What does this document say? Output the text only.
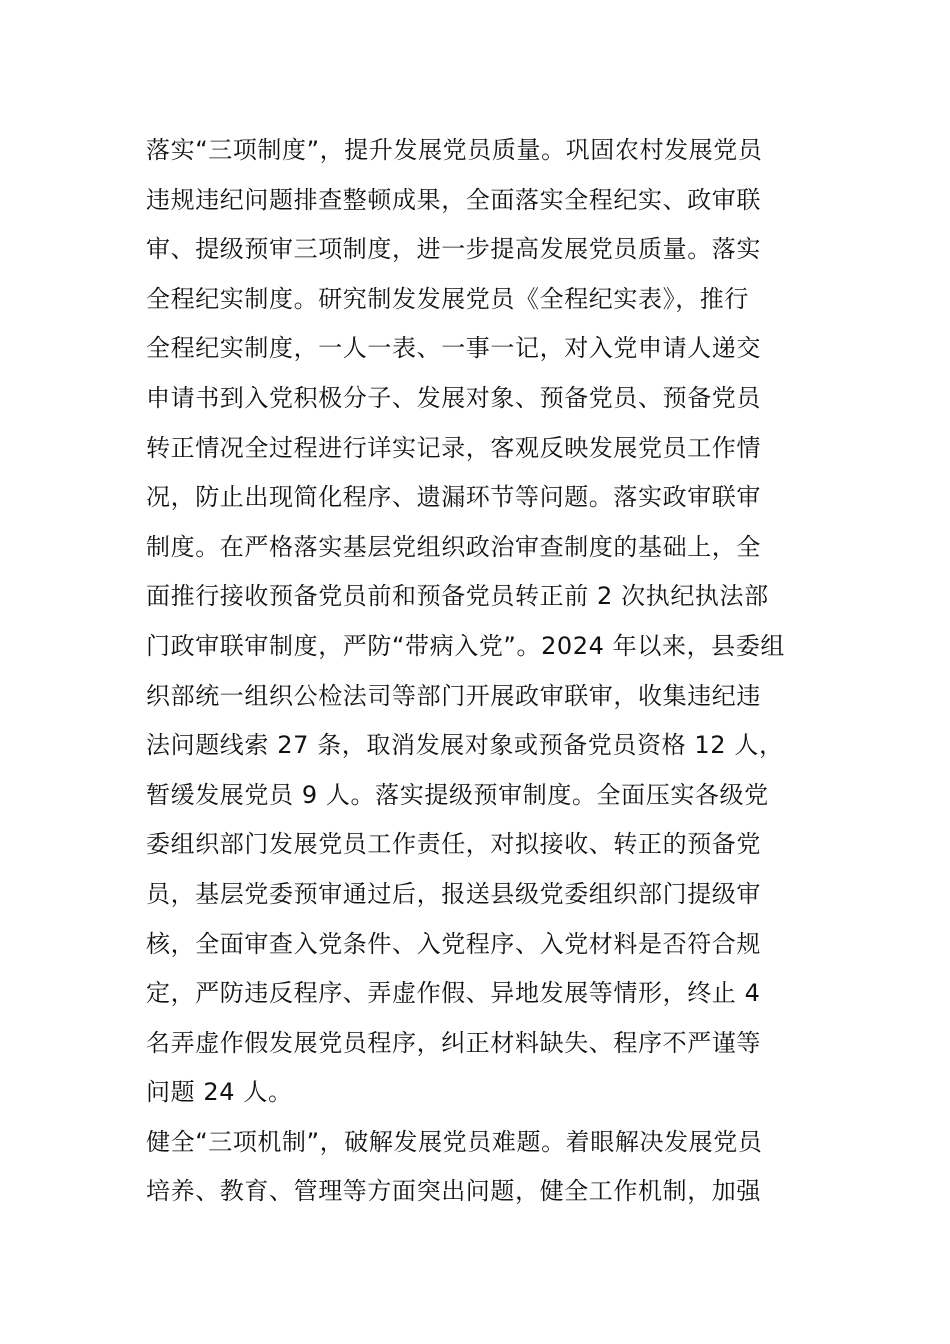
落实“三项制度”，提升发展党员质量。巩固农村发展党员
违规违纪问题排查整顿成果，全面落实全程纪实、政审联
审、提级预审三项制度，进一步提高发展党员质量。落实
全程纪实制度。研究制发发展党员《全程纪实表》，推行
全程纪实制度，一人一表、一事一记，对入党申请人递交
申请书到入党积极分子、发展对象、预备党员、预备党员
转正情况全过程进行详实记录，客观反映发展党员工作情
况，防止出现简化程序、遗漏环节等问题。落实政审联审
制度。在严格落实基层党组织政治审查制度的基础上，全
面推行接收预备党员前和预备党员转正前 2 次执纪执法部
门政审联审制度，严防“带病入党”。2024 年以来，县委组
织部统一组织公检法司等部门开展政审联审，收集违纪违
法问题线索 27 条，取消发展对象或预备党员资格 12 人，
暂缓发展党员 9 人。落实提级预审制度。全面压实各级党
委组织部门发展党员工作责任，对拟接收、转正的预备党
员，基层党委预审通过后，报送县级党委组织部门提级审
核，全面审查入党条件、入党程序、入党材料是否符合规
定，严防违反程序、弄虚作假、异地发展等情形，终止 4
名弄虚作假发展党员程序，纠正材料缺失、程序不严谨等
问题 24 人。
健全“三项机制”，破解发展党员难题。着眼解决发展党员
培养、教育、管理等方面突出问题，健全工作机制，加强
